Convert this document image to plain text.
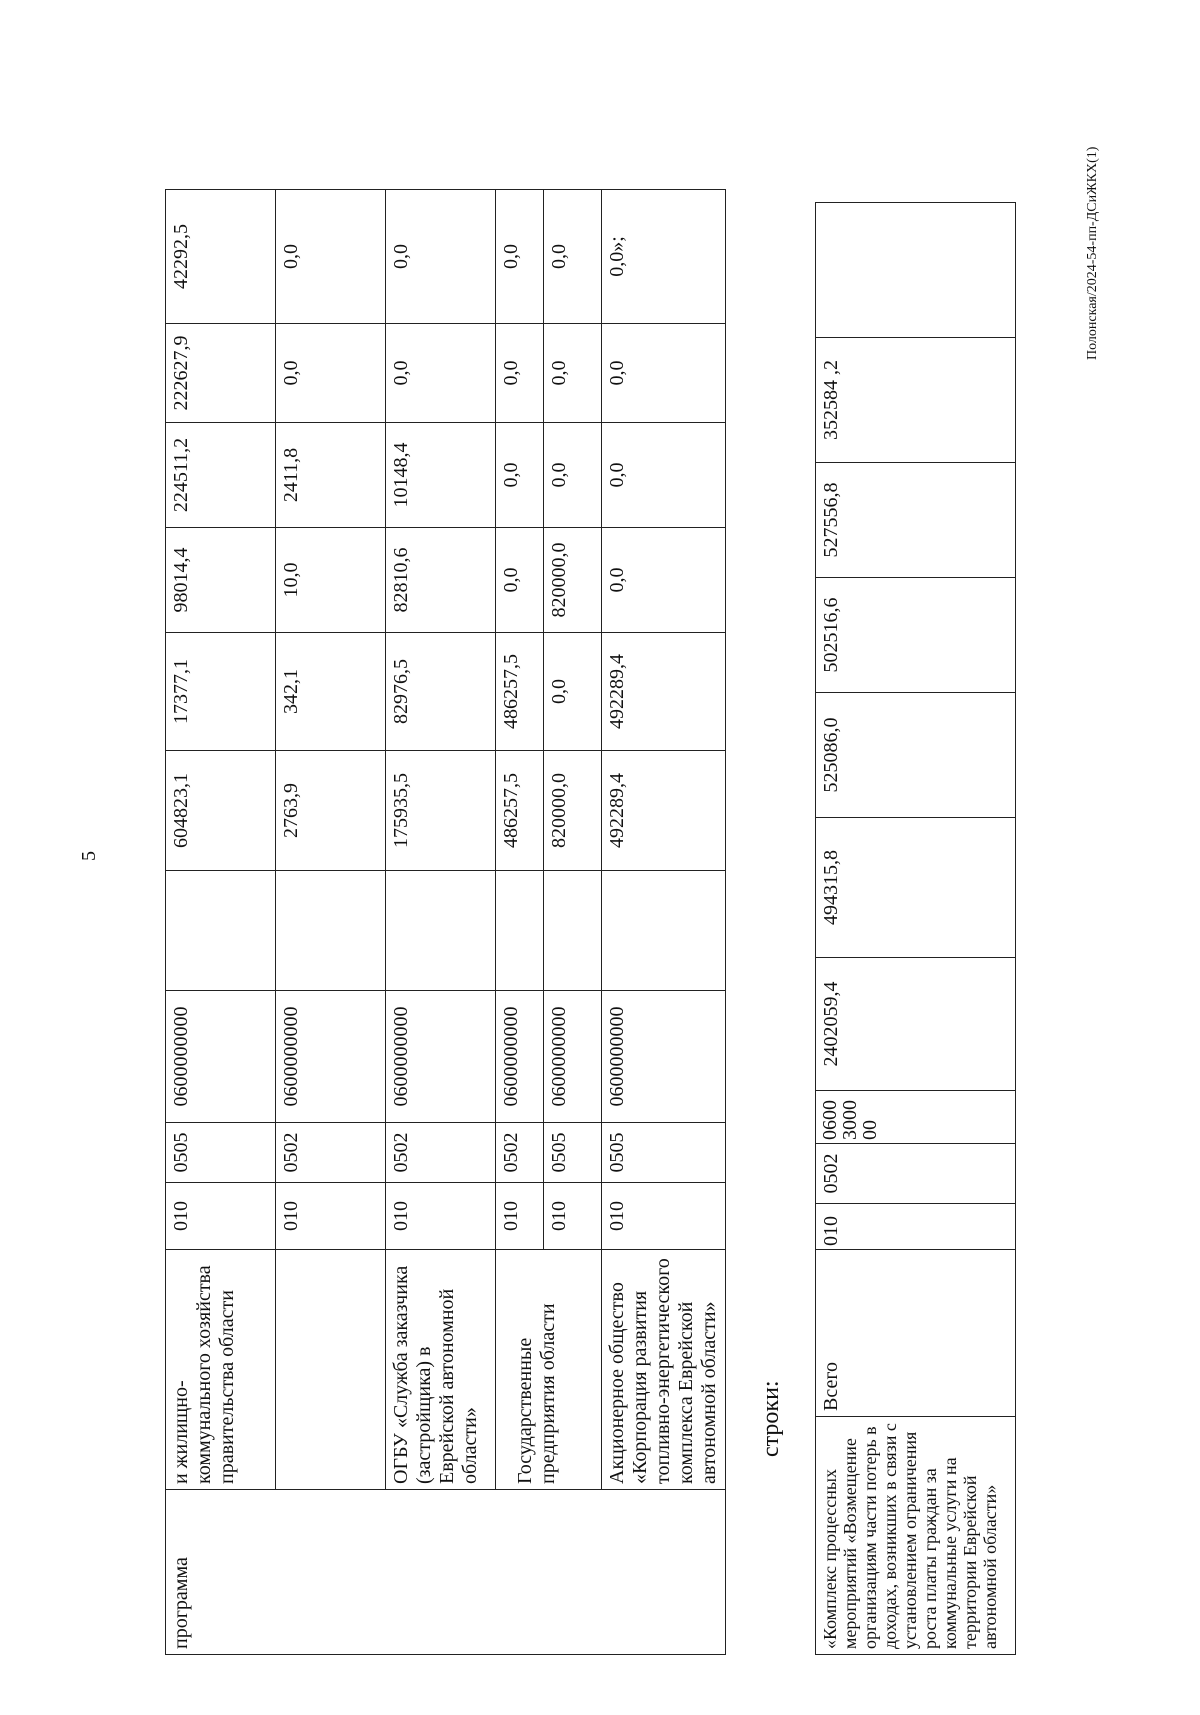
5
программа	и жилищно-коммунального хозяйства правительства области	010	0505	0600000000		604823,1	17377,1	98014,4	224511,2	222627,9	42292,5
		010	0502	0600000000		2763,9	342,1	10,0	2411,8	0,0	0,0
	ОГБУ «Служба заказчика (застройщика) в Еврейской автономной области»	010	0502	0600000000		175935,5	82976,5	82810,6	10148,4	0,0	0,0
	Государственные предприятия области	010	0502	0600000000		486257,5	486257,5	0,0	0,0	0,0	0,0
		010	0505	0600000000		820000,0	0,0	820000,0	0,0	0,0	0,0
	Акционерное общество «Корпорация развития топливно-энергетического комплекса Еврейской автономной области»	010	0505	0600000000		492289,4	492289,4	0,0	0,0	0,0	0,0»;
строки:
«Комплекс процессных мероприятий «Возмещение организациям части потерь в доходах, возникших в связи с установлением ограничения роста платы граждан за коммунальные услуги на территории Еврейской автономной области»	Всего	010	0502	0600 3000 00	2402059,4	494315,8	525086,0	502516,6	527556,8	352584 ,2	
Полонская/2024-54-пп-ДСиЖКХ(1)
